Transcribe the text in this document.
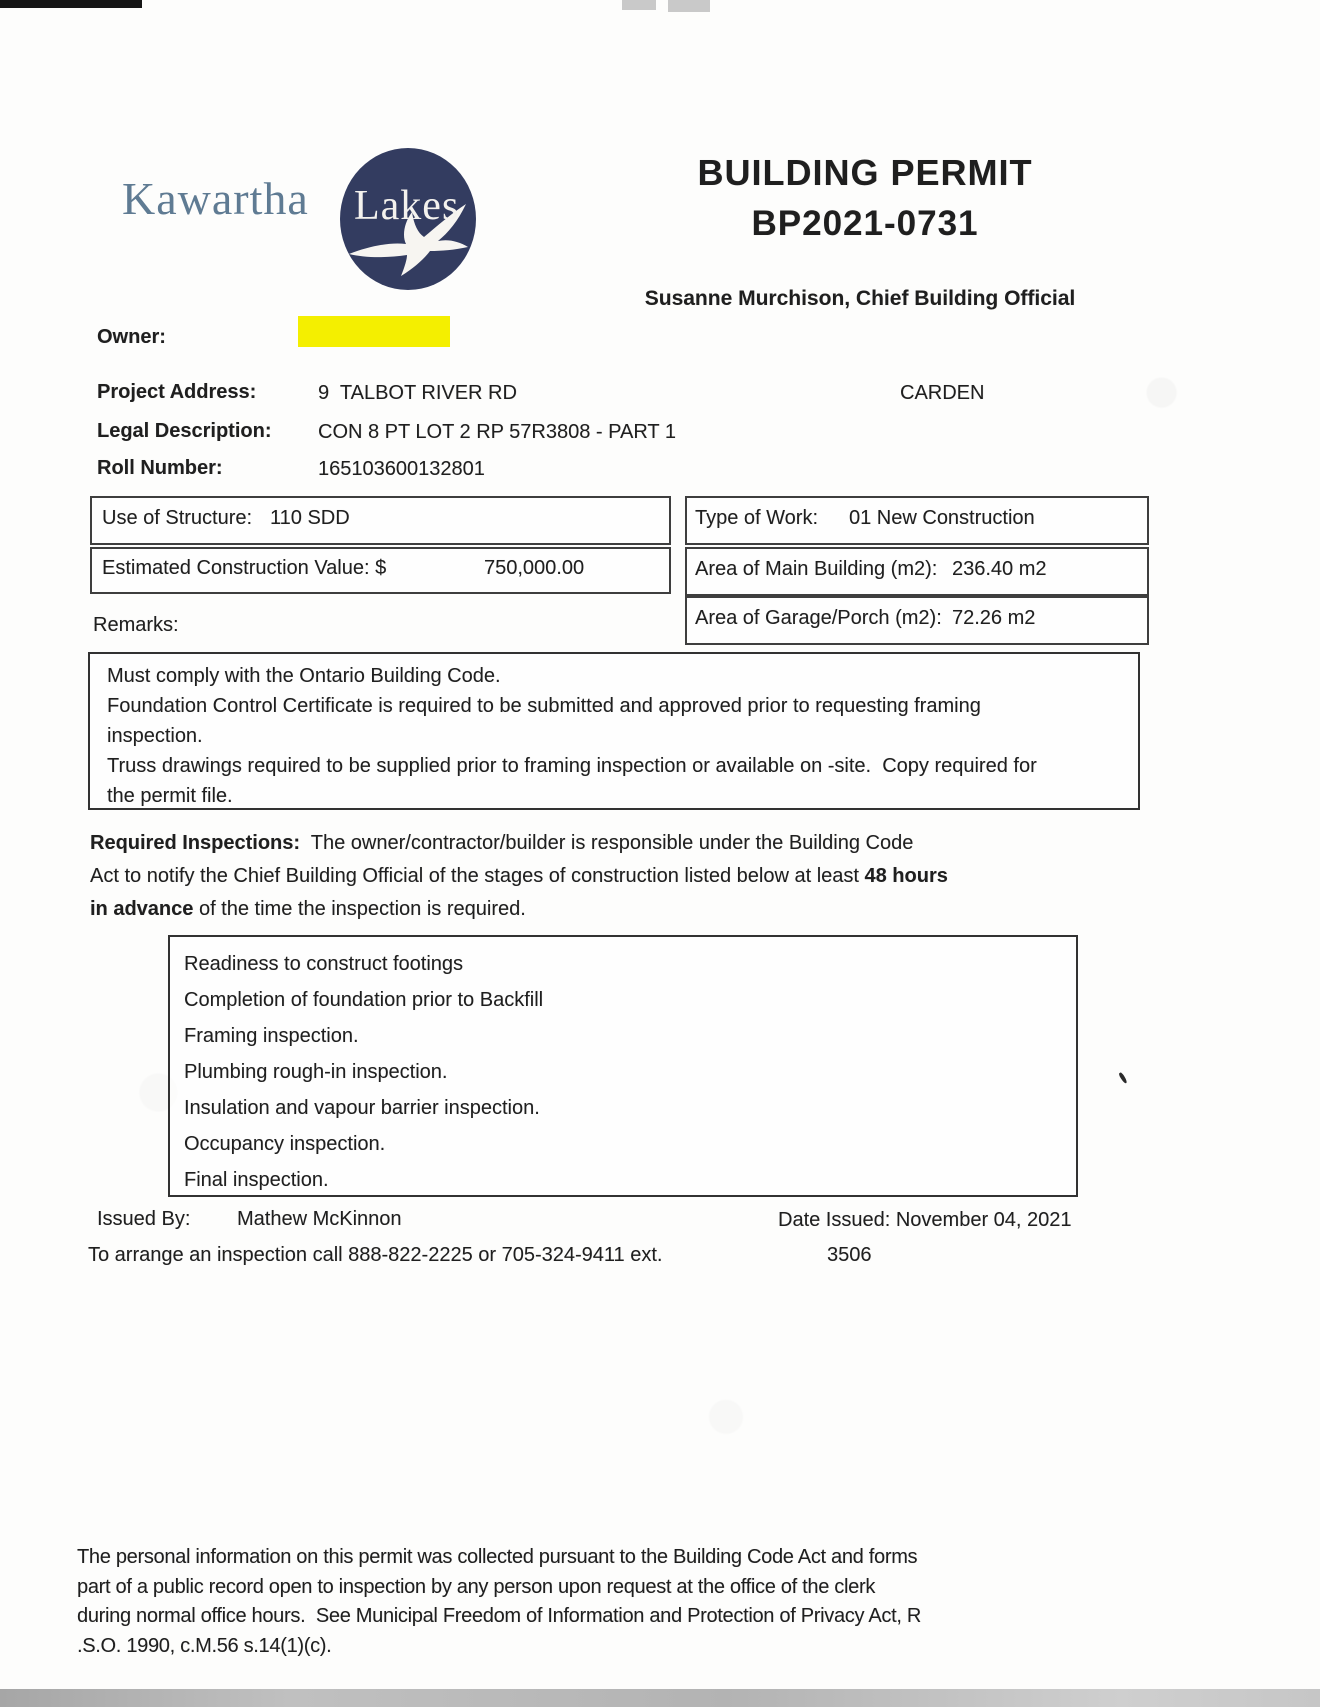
Kawartha Lakes
BUILDING PERMIT
BP2021-0731
Susanne Murchison, Chief Building Official
Owner:
Project Address:	9  TALBOT RIVER RD	CARDEN
Legal Description: CON 8 PT LOT 2 RP 57R3808 - PART 1
Roll Number:	165103600132801
Use of Structure: 110 SDD	Type of Work: 01 New Construction
Estimated Construction Value: $	750,000.00	Area of Main Building (m2): 236.40 m2
Area of Garage/Porch (m2): 72.26 m2
Remarks:
Must comply with the Ontario Building Code.
Foundation Control Certificate is required to be submitted and approved prior to requesting framing
inspection.
Truss drawings required to be supplied prior to framing inspection or available on -site.  Copy required for
the permit file.
Required Inspections:  The owner/contractor/builder is responsible under the Building Code
Act to notify the Chief Building Official of the stages of construction listed below at least 48 hours
in advance of the time the inspection is required.
Readiness to construct footings
Completion of foundation prior to Backfill
Framing inspection.
Plumbing rough-in inspection.
Insulation and vapour barrier inspection.
Occupancy inspection.
Final inspection.
Issued By: Mathew McKinnon	Date Issued: November 04, 2021
To arrange an inspection call 888-822-2225 or 705-324-9411 ext.	3506
The personal information on this permit was collected pursuant to the Building Code Act and forms
part of a public record open to inspection by any person upon request at the office of the clerk
during normal office hours.  See Municipal Freedom of Information and Protection of Privacy Act, R
.S.O. 1990, c.M.56 s.14(1)(c).
